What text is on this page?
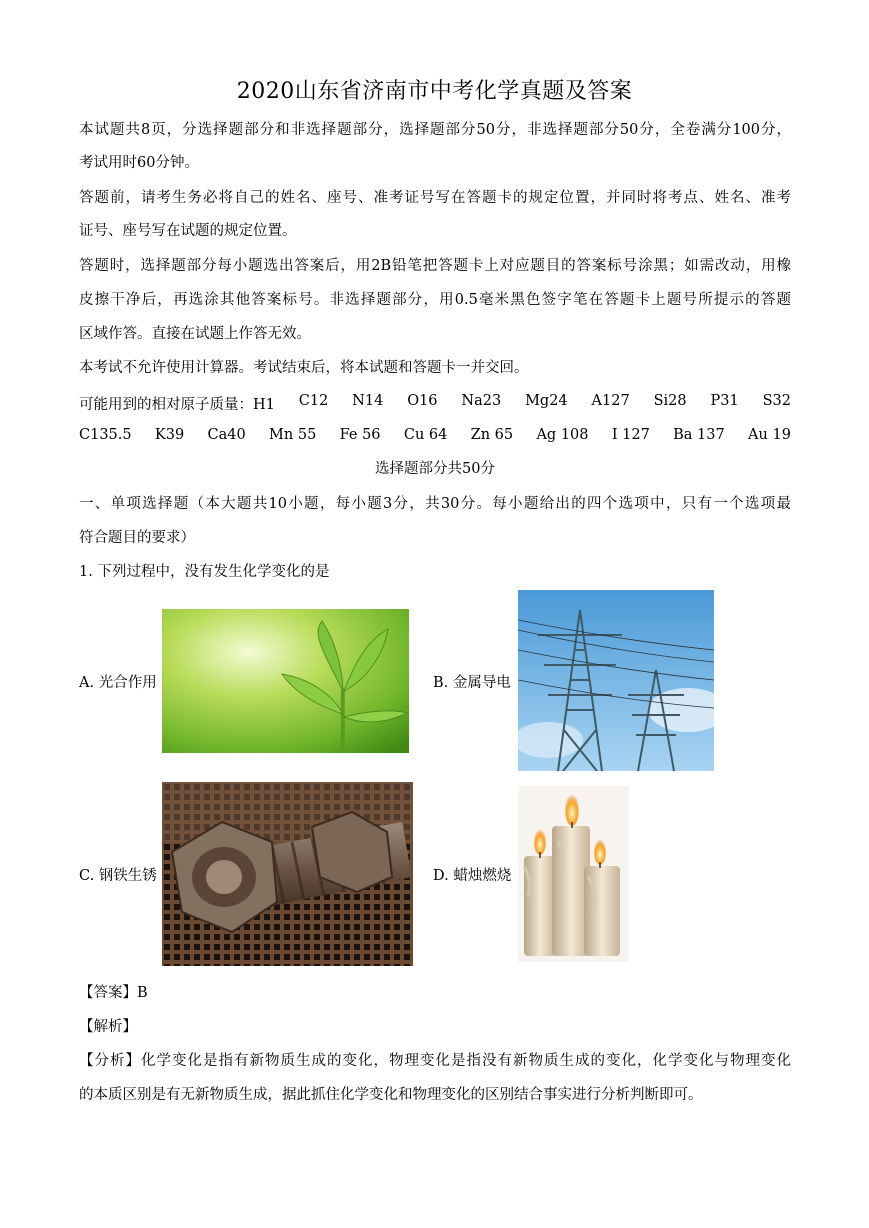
2020山东省济南市中考化学真题及答案
本试题共8页，分选择题部分和非选择题部分，选择题部分50分，非选择题部分50分，全卷满分100分，
考试用时60分钟。
答题前，请考生务必将自己的姓名、座号、准考证号写在答题卡的规定位置，并同时将考点、姓名、准考
证号、座号写在试题的规定位置。
答题时，选择题部分每小题选出答案后，用2B铅笔把答题卡上对应题目的答案标号涂黑；如需改动，用橡
皮擦干净后，再选涂其他答案标号。非选择题部分，用0.5毫米黑色签字笔在答题卡上题号所提示的答题
区域作答。直接在试题上作答无效。
本考试不允许使用计算器。考试结束后，将本试题和答题卡一并交回。
可能用到的相对原子质量：H1 C12 N14 O16 Na23 Mg24 A127 Si28 P31 S32
C135.5 K39 Ca40 Mn 55 Fe 56 Cu 64 Zn 65 Ag 108 I 127 Ba 137 Au 19
选择题部分共50分
一、单项选择题（本大题共10小题，每小题3分，共30分。每小题给出的四个选项中，只有一个选项最
符合题目的要求）
1. 下列过程中，没有发生化学变化的是
A. 光合作用	B. 金属导电
C. 钢铁生锈	D. 蜡烛燃烧
【答案】B
【解析】
【分析】化学变化是指有新物质生成的变化，物理变化是指没有新物质生成的变化，化学变化与物理变化
的本质区别是有无新物质生成，据此抓住化学变化和物理变化的区别结合事实进行分析判断即可。
